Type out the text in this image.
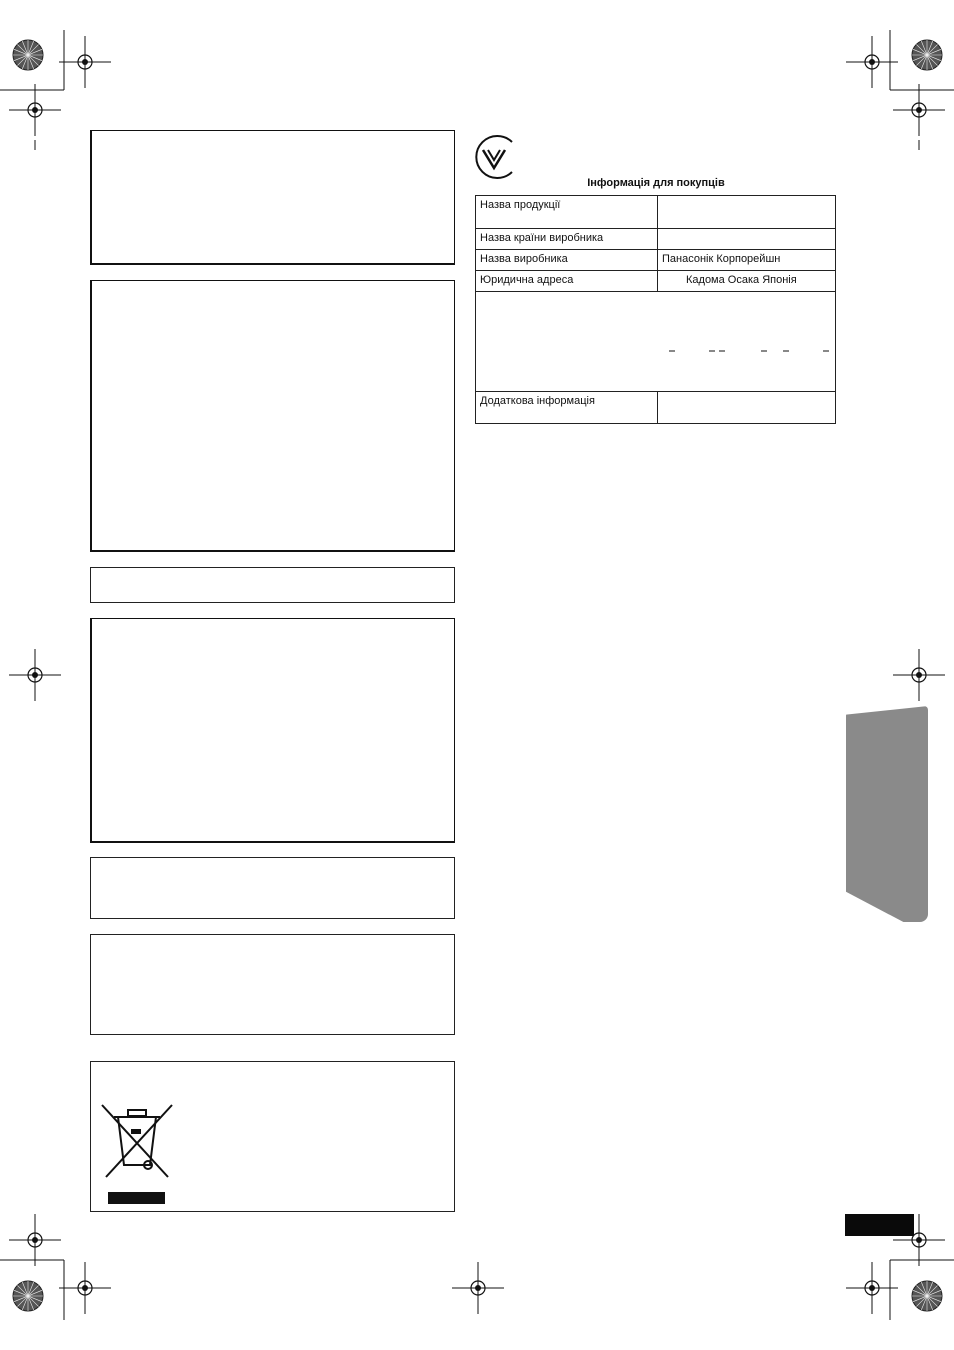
Інформація для покупців
Назва продукції	
Назва країни виробника	
Назва виробника	Панасонік Корпорейшн
Юридична адреса	Кадома Осака Японія

Додаткова інформація	
